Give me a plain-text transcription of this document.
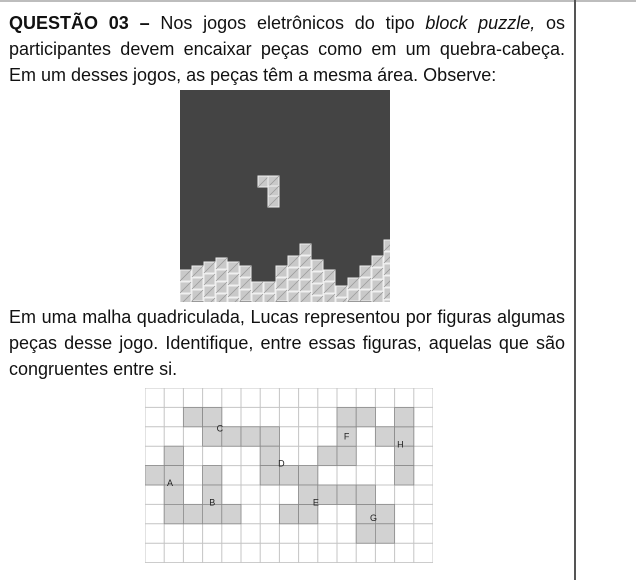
QUESTÃO 03 – Nos jogos eletrônicos do tipo block puzzle, os participantes devem encaixar peças como em um quebra-cabeça. Em um desses jogos, as peças têm a mesma área. Observe:

Em uma malha quadriculada, Lucas representou por figuras algumas peças desse jogo. Identifique, entre essas figuras, aquelas que são congruentes entre si.

A
B
C
D
E
F
G
H
